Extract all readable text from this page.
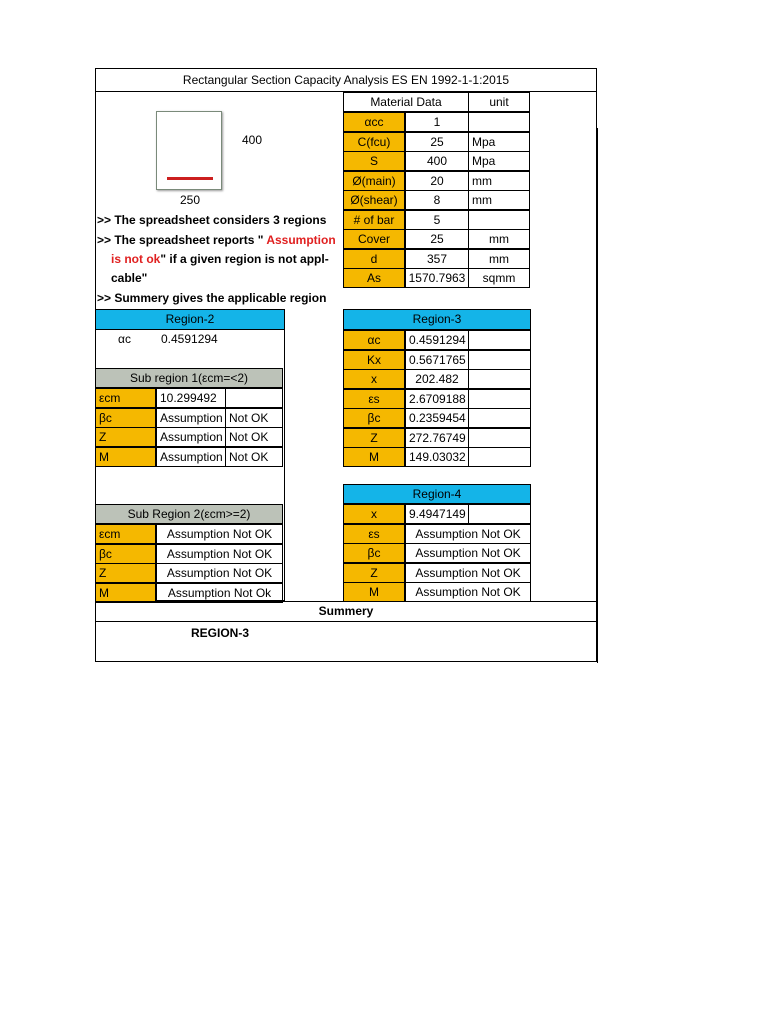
Rectangular Section Capacity Analysis ES EN 1992-1-1:2015
400
250
Material Data	unit
αcc	1
C(fcu)	25	Mpa
S	400	Mpa
Ø(main)	20	mm
Ø(shear)	8	mm
# of bar	5
Cover	25	mm
d	357	mm
As	1570.7963	sqmm
>> The spreadsheet considers 3 regions
>> The spreadsheet reports " Assumption
is not ok" if a given region is not appl-
cable"
>> Summery gives the applicable region
Region-2
αc	0.4591294
Sub region 1(εcm=<2)
εcm	10.299492
βc	Assumption Not OK
Z	Assumption Not OK
M	Assumption Not OK
Sub Region 2(εcm>=2)
εcm	Assumption Not OK
βc	Assumption Not OK
Z	Assumption Not OK
M	Assumption Not Ok
Region-3
αc	0.4591294
Kx	0.5671765
x	202.482
εs	2.6709188
βc	0.2359454
Z	272.76749
M	149.03032
Region-4
x	9.4947149
εs	Assumption Not OK
βc	Assumption Not OK
Z	Assumption Not OK
M	Assumption Not OK
Summery
REGION-3
